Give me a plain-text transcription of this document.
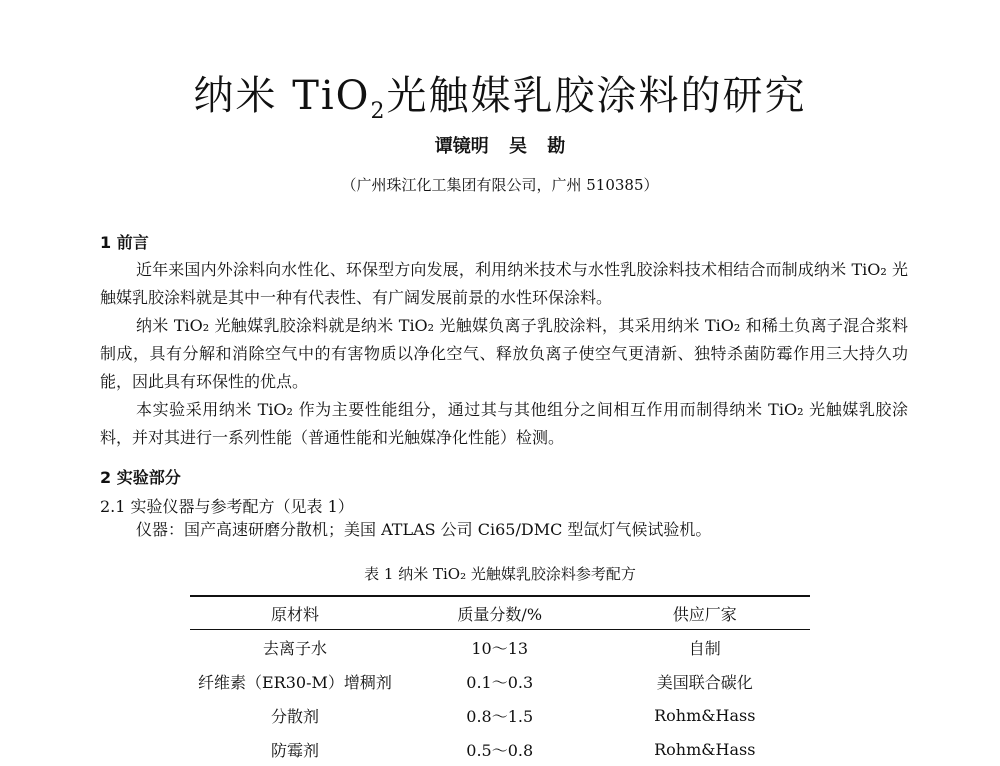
纳米 TiO$_2$光触媒乳胶涂料的研究
谭镜明 吴 勘
（广州珠江化工集团有限公司，广州 510385）
1 前言

近年来国内外涂料向水性化、环保型方向发展，利用纳米技术与水性乳胶涂料技术相结合而制成纳米 TiO₂ 光触媒乳胶涂料就是其中一种有代表性、有广阔发展前景的水性环保涂料。

纳米 TiO₂ 光触媒乳胶涂料就是纳米 TiO₂ 光触媒负离子乳胶涂料，其采用纳米 TiO₂ 和稀土负离子混合浆料制成，具有分解和消除空气中的有害物质以净化空气、释放负离子使空气更清新、独特杀菌防霉作用三大持久功能，因此具有环保性的优点。

本实验采用纳米 TiO₂ 作为主要性能组分，通过其与其他组分之间相互作用而制得纳米 TiO₂ 光触媒乳胶涂料，并对其进行一系列性能（普通性能和光触媒净化性能）检测。

2 实验部分
2.1 实验仪器与参考配方（见表 1）

仪器：国产高速研磨分散机；美国 ATLAS 公司 Ci65/DMC 型氙灯气候试验机。

表 1 纳米 TiO₂ 光触媒乳胶涂料参考配方
原材料	质量分数/%	供应厂家
去离子水	10～13	自制
纤维素（ER30-M）增稠剂	0.1～0.3	美国联合碳化
分散剂	0.8～1.5	Rohm&Hass
防霉剂	0.5～0.8	Rohm&Hass
